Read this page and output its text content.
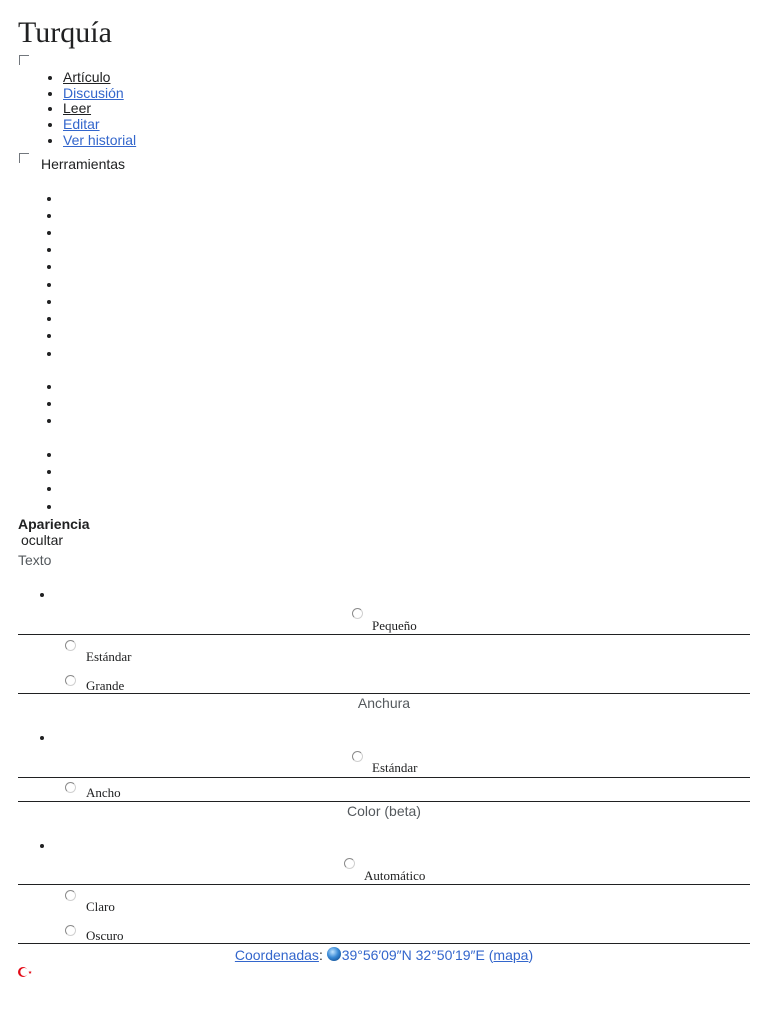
Turquía
• Artículo
• Discusión
• Leer
• Editar
• Ver historial
Herramientas
Apariencia
ocultar
Texto
Pequeño
Estándar
Grande
Anchura
Estándar
Ancho
Color (beta)
Automático
Claro
Oscuro
Coordenadas: 39°56′09″N 32°50′19″E (mapa)
